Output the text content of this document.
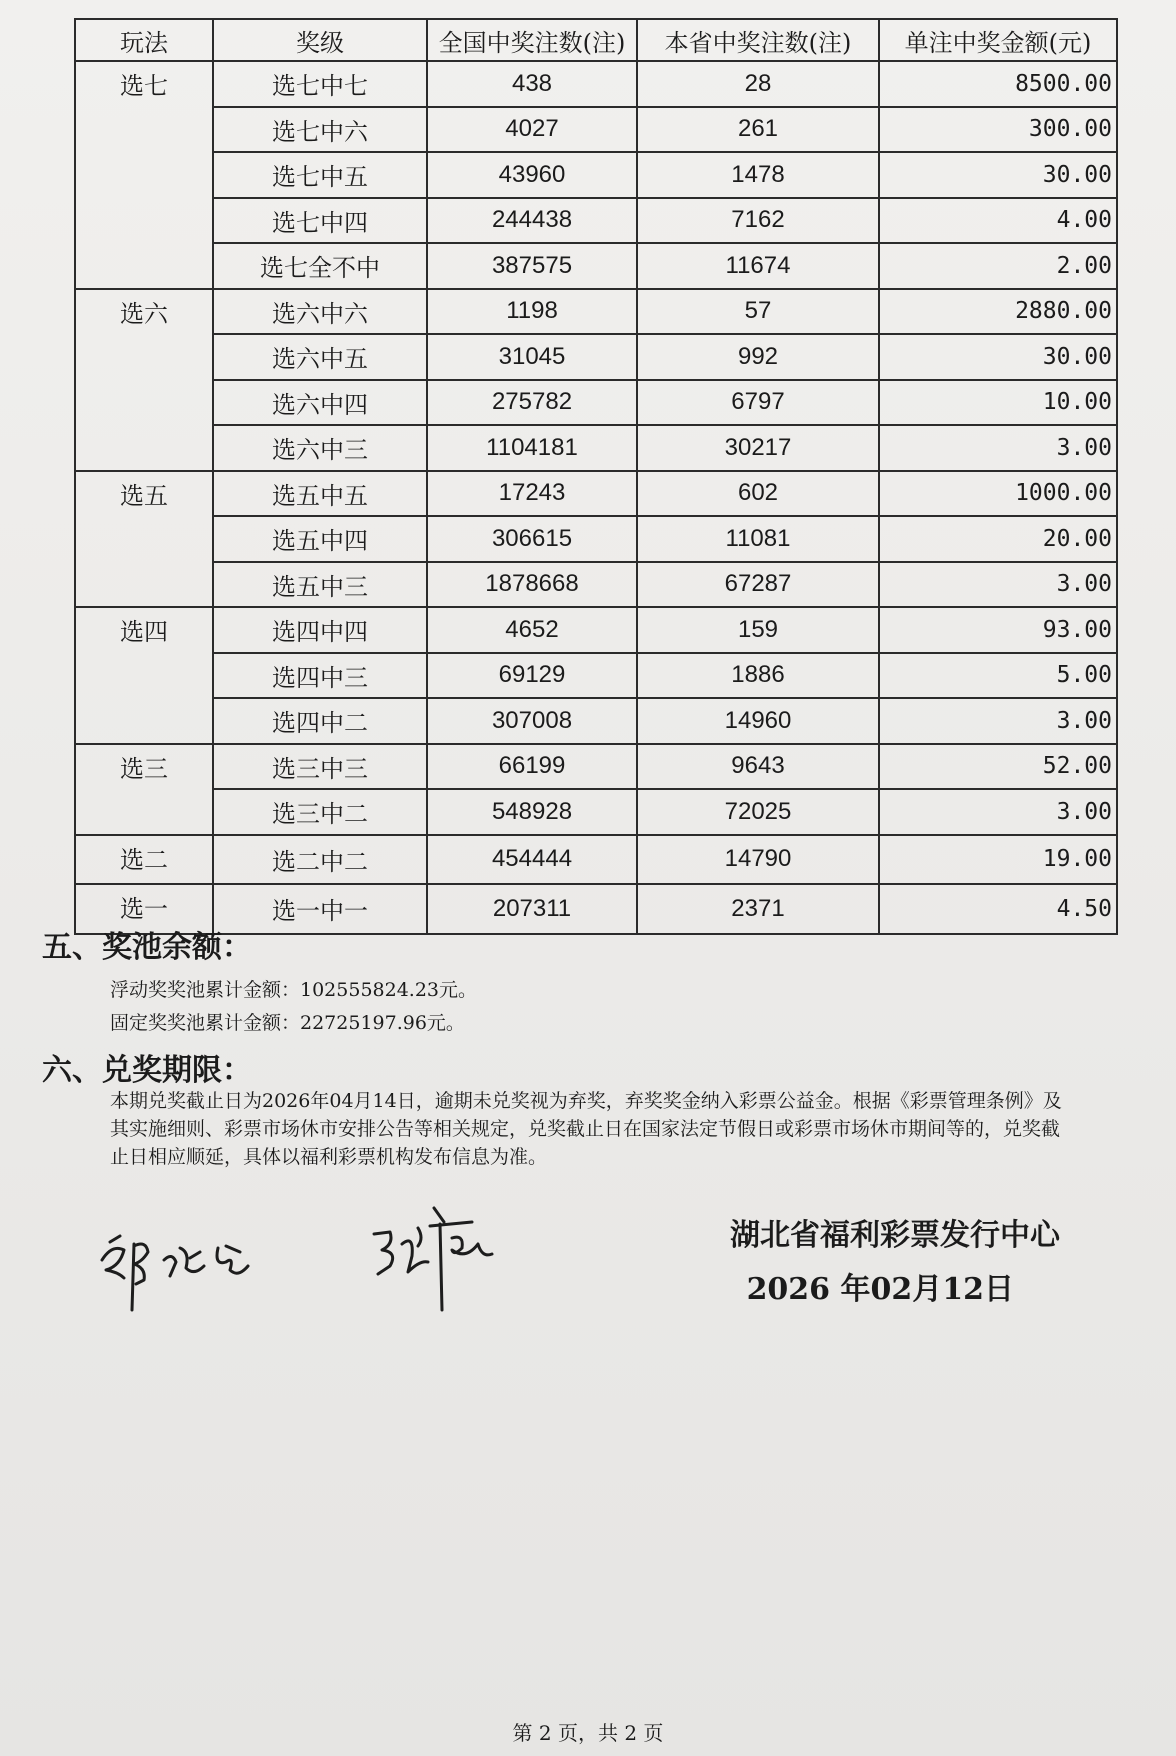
玩法	奖级	全国中奖注数(注)	本省中奖注数(注)	单注中奖金额(元)
选七	选七中七	438	28	8500.00
	选七中六	4027	261	300.00
	选七中五	43960	1478	30.00
	选七中四	244438	7162	4.00
	选七全不中	387575	11674	2.00
选六	选六中六	1198	57	2880.00
	选六中五	31045	992	30.00
	选六中四	275782	6797	10.00
	选六中三	1104181	30217	3.00
选五	选五中五	17243	602	1000.00
	选五中四	306615	11081	20.00
	选五中三	1878668	67287	3.00
选四	选四中四	4652	159	93.00
	选四中三	69129	1886	5.00
	选四中二	307008	14960	3.00
选三	选三中三	66199	9643	52.00
	选三中二	548928	72025	3.00
选二	选二中二	454444	14790	19.00
选一	选一中一	207311	2371	4.50
五、奖池余额：
浮动奖奖池累计金额：102555824.23元。
固定奖奖池累计金额：22725197.96元。
六、兑奖期限：
本期兑奖截止日为2026年04月14日，逾期未兑奖视为弃奖，弃奖奖金纳入彩票公益金。根据《彩票管理条例》及其实施细则、彩票市场休市安排公告等相关规定，兑奖截止日在国家法定节假日或彩票市场休市期间等的，兑奖截止日相应顺延，具体以福利彩票机构发布信息为准。
湖北省福利彩票发行中心
2026 年02月12日
第 2 页，共 2 页
